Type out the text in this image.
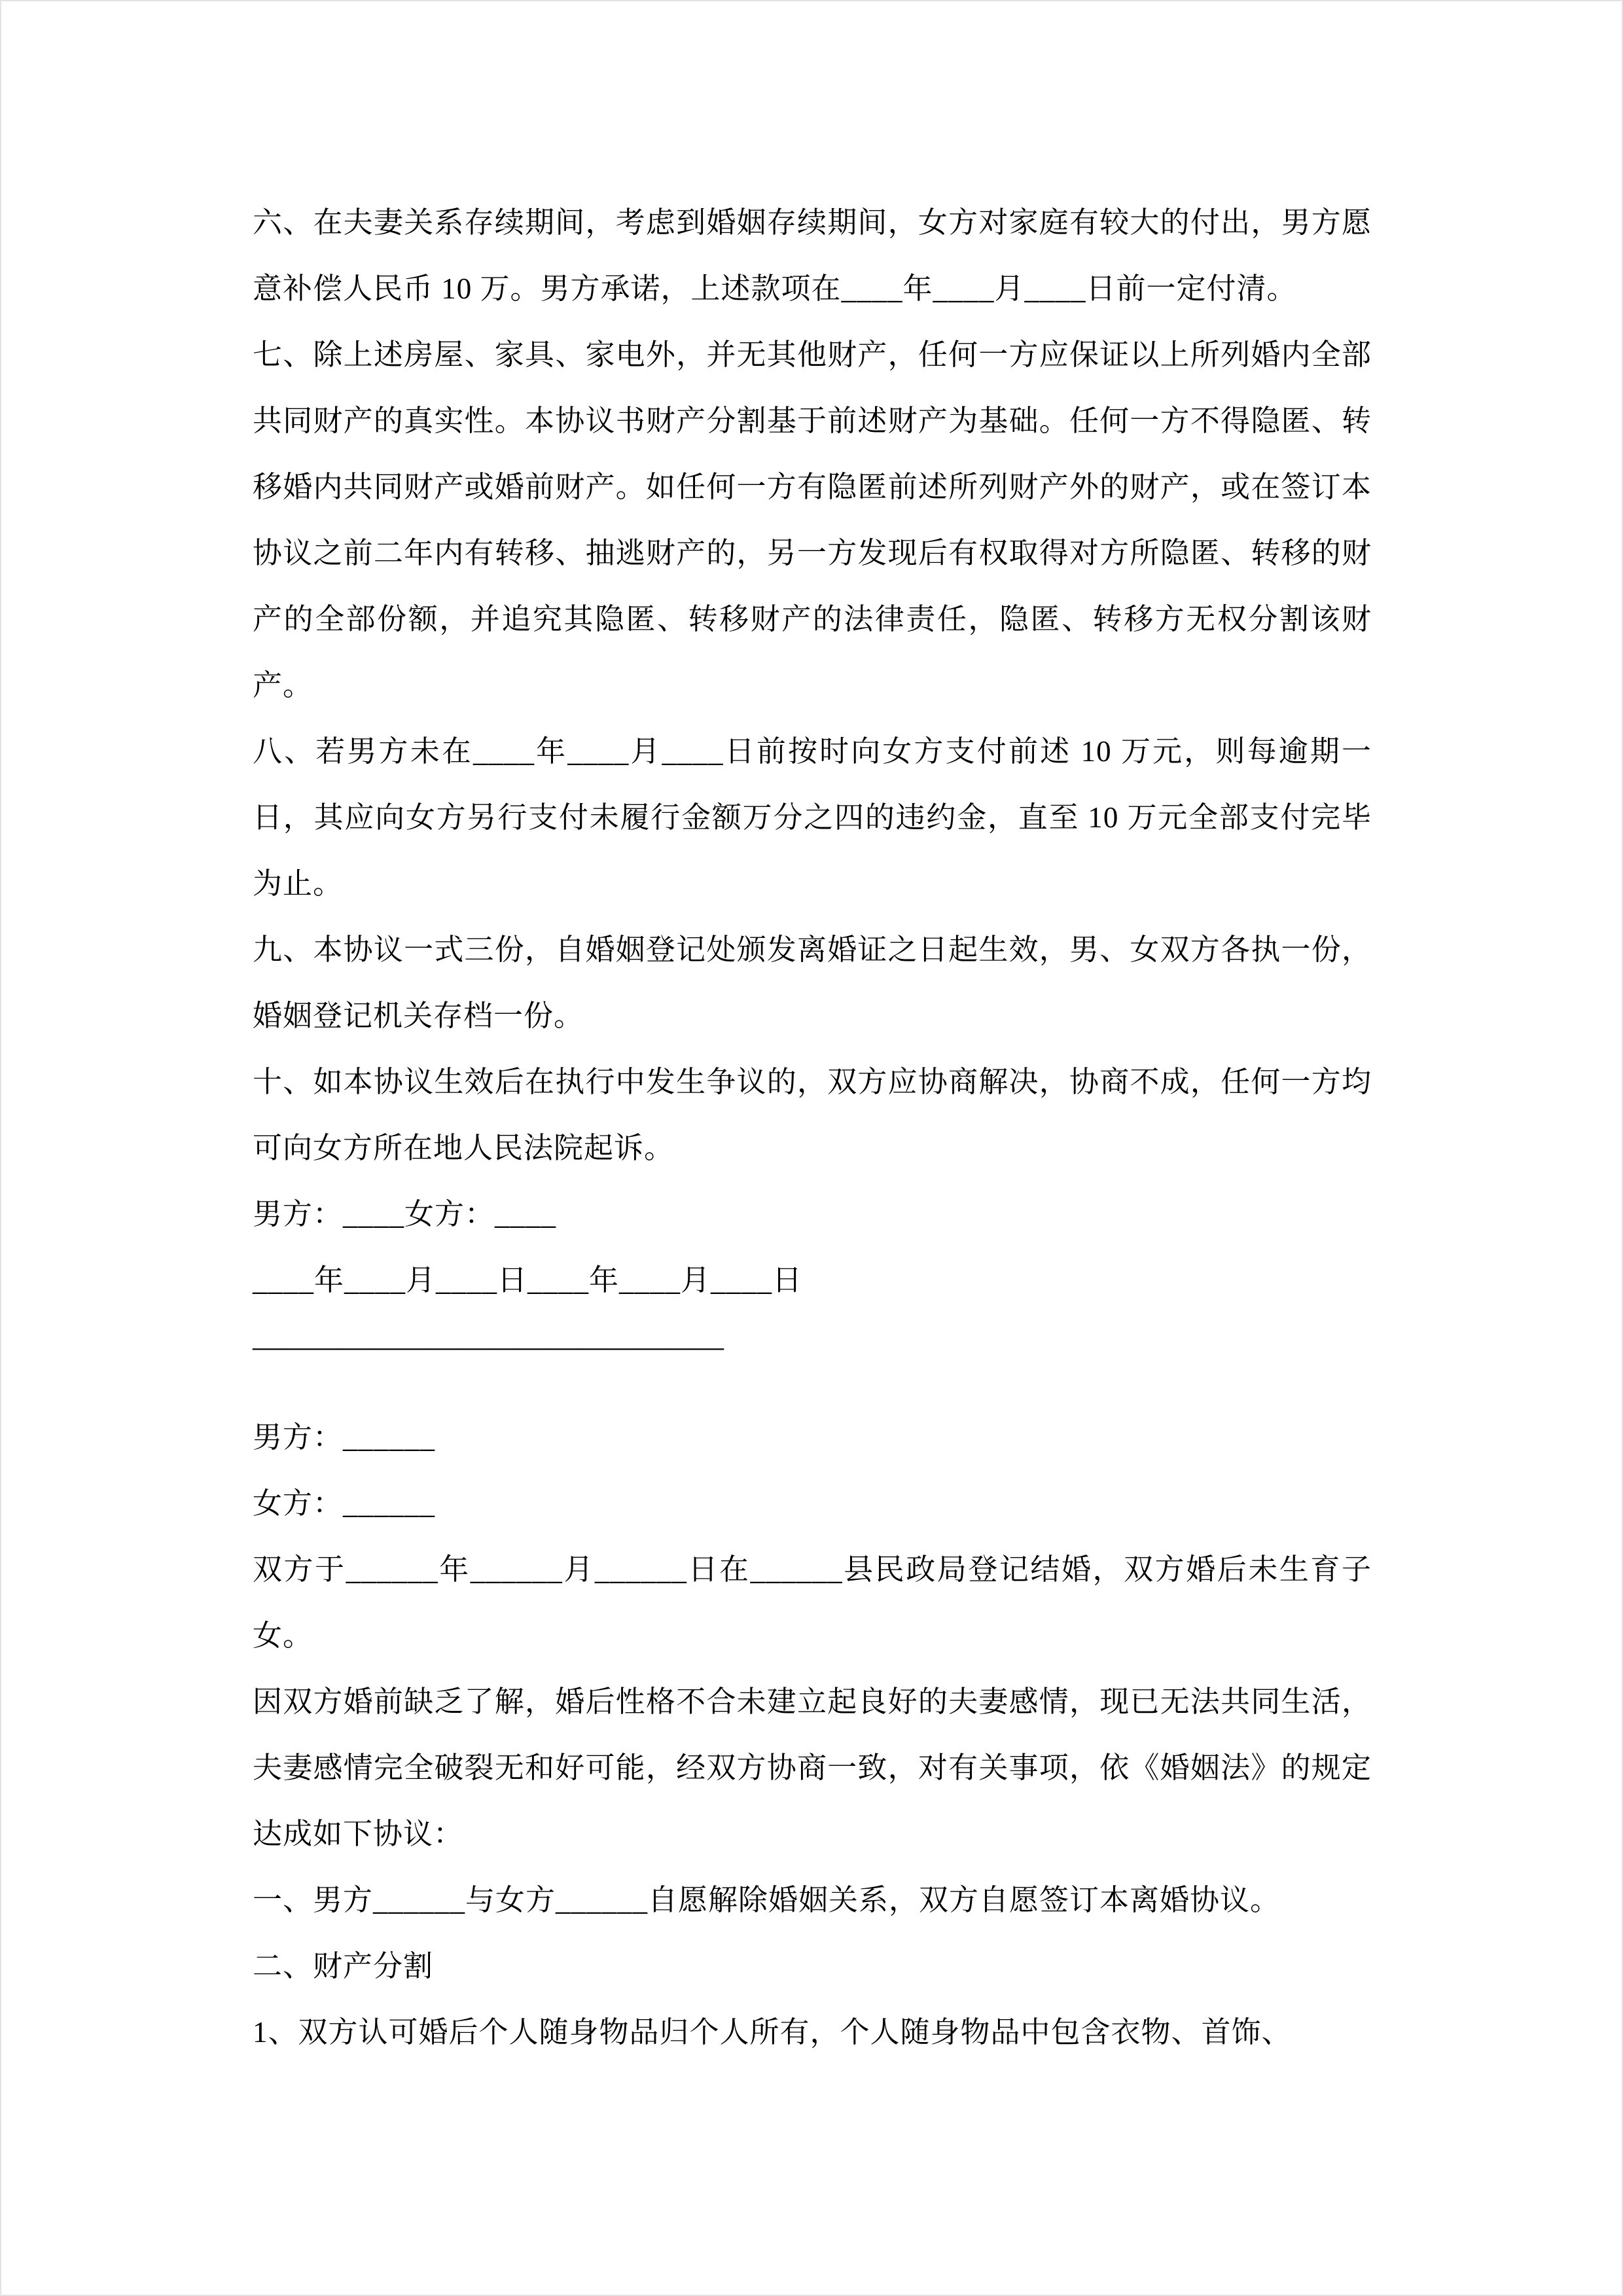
六、在夫妻关系存续期间，考虑到婚姻存续期间，女方对家庭有较大的付出，男方愿意补偿人民币 10 万。男方承诺，上述款项在____年____月____日前一定付清。

七、除上述房屋、家具、家电外，并无其他财产，任何一方应保证以上所列婚内全部共同财产的真实性。本协议书财产分割基于前述财产为基础。任何一方不得隐匿、转移婚内共同财产或婚前财产。如任何一方有隐匿前述所列财产外的财产，或在签订本协议之前二年内有转移、抽逃财产的，另一方发现后有权取得对方所隐匿、转移的财产的全部份额，并追究其隐匿、转移财产的法律责任，隐匿、转移方无权分割该财产。

八、若男方未在____年____月____日前按时向女方支付前述 10 万元，则每逾期一日，其应向女方另行支付未履行金额万分之四的违约金，直至 10 万元全部支付完毕为止。

九、本协议一式三份，自婚姻登记处颁发离婚证之日起生效，男、女双方各执一份，婚姻登记机关存档一份。

十、如本协议生效后在执行中发生争议的，双方应协商解决，协商不成，任何一方均可向女方所在地人民法院起诉。

男方：____女方：____

____年____月____日____年____月____日

————————————————

男方：______

女方：______

双方于______年______月______日在______县民政局登记结婚，双方婚后未生育子女。

因双方婚前缺乏了解，婚后性格不合未建立起良好的夫妻感情，现已无法共同生活，夫妻感情完全破裂无和好可能，经双方协商一致，对有关事项，依《婚姻法》的规定达成如下协议：

一、男方______与女方______自愿解除婚姻关系，双方自愿签订本离婚协议。

二、财产分割

1、双方认可婚后个人随身物品归个人所有，个人随身物品中包含衣物、首饰、
